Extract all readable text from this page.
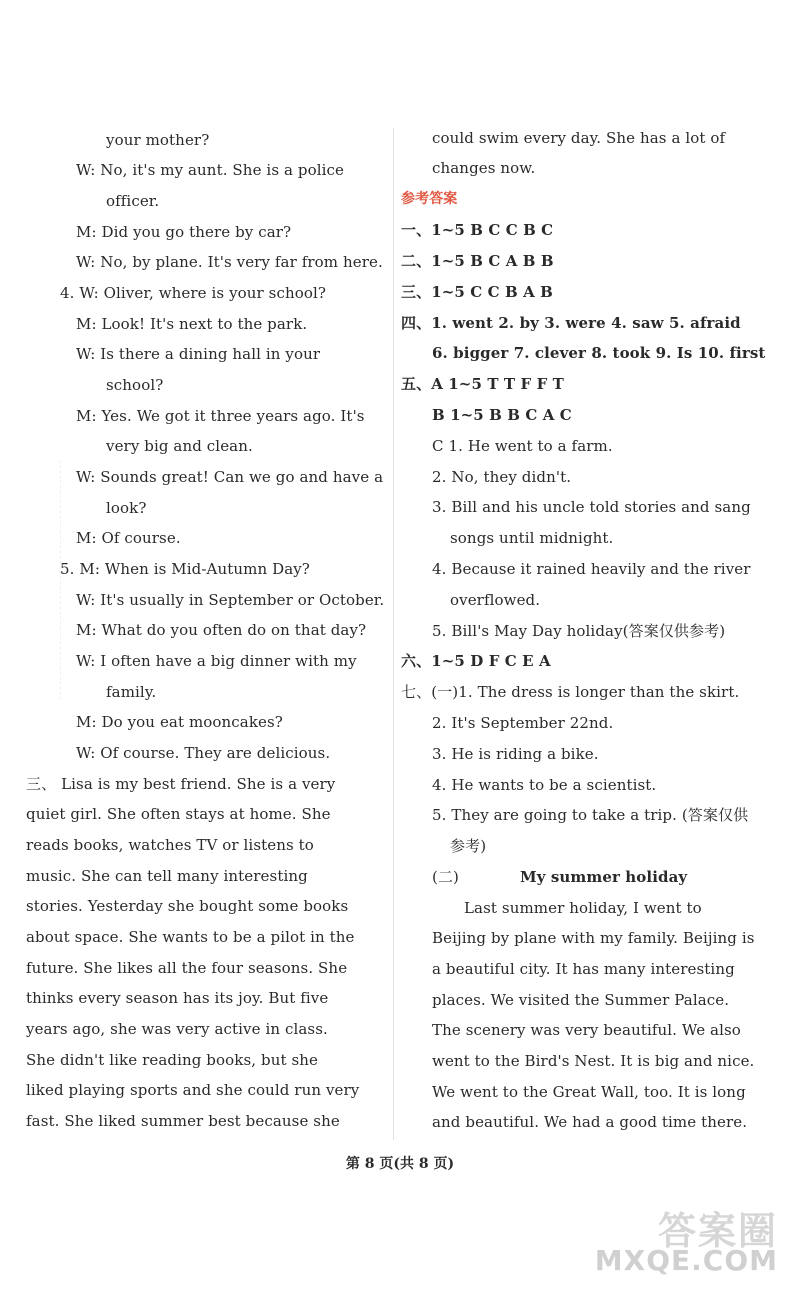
your mother?
W: No, it's my aunt. She is a police
officer.
M: Did you go there by car?
W: No, by plane. It's very far from here.
4. W: Oliver, where is your school?
M: Look! It's next to the park.
W: Is there a dining hall in your
school?
M: Yes. We got it three years ago. It's
very big and clean.
W: Sounds great! Can we go and have a
look?
M: Of course.
5. M: When is Mid-Autumn Day?
W: It's usually in September or October.
M: What do you often do on that day?
W: I often have a big dinner with my
family.
M: Do you eat mooncakes?
W: Of course. They are delicious.
三、 Lisa is my best friend. She is a very
quiet girl. She often stays at home. She
reads books, watches TV or listens to
music. She can tell many interesting
stories. Yesterday she bought some books
about space. She wants to be a pilot in the
future. She likes all the four seasons. She
thinks every season has its joy. But five
years ago, she was very active in class.
She didn't like reading books, but she
liked playing sports and she could run very
fast. She liked summer best because she
could swim every day. She has a lot of
changes now.
参考答案
一、1~5 B C C B C
二、1~5 B C A B B
三、1~5 C C B A B
四、1. went 2. by 3. were 4. saw 5. afraid
6. bigger 7. clever 8. took 9. Is 10. first
五、A 1~5 T T F F T
B 1~5 B B C A C
C 1. He went to a farm.
2. No, they didn't.
3. Bill and his uncle told stories and sang
songs until midnight.
4. Because it rained heavily and the river
overflowed.
5. Bill's May Day holiday(答案仅供参考)
六、1~5 D F C E A
七、(一)1. The dress is longer than the skirt.
2. It's September 22nd.
3. He is riding a bike.
4. He wants to be a scientist.
5. They are going to take a trip. (答案仅供
参考)
(二)	My summer holiday
Last summer holiday, I went to
Beijing by plane with my family. Beijing is
a beautiful city. It has many interesting
places. We visited the Summer Palace.
The scenery was very beautiful. We also
went to the Bird's Nest. It is big and nice.
We went to the Great Wall, too. It is long
and beautiful. We had a good time there.
第 8 页(共 8 页)
答案圈
MXQE.COM
